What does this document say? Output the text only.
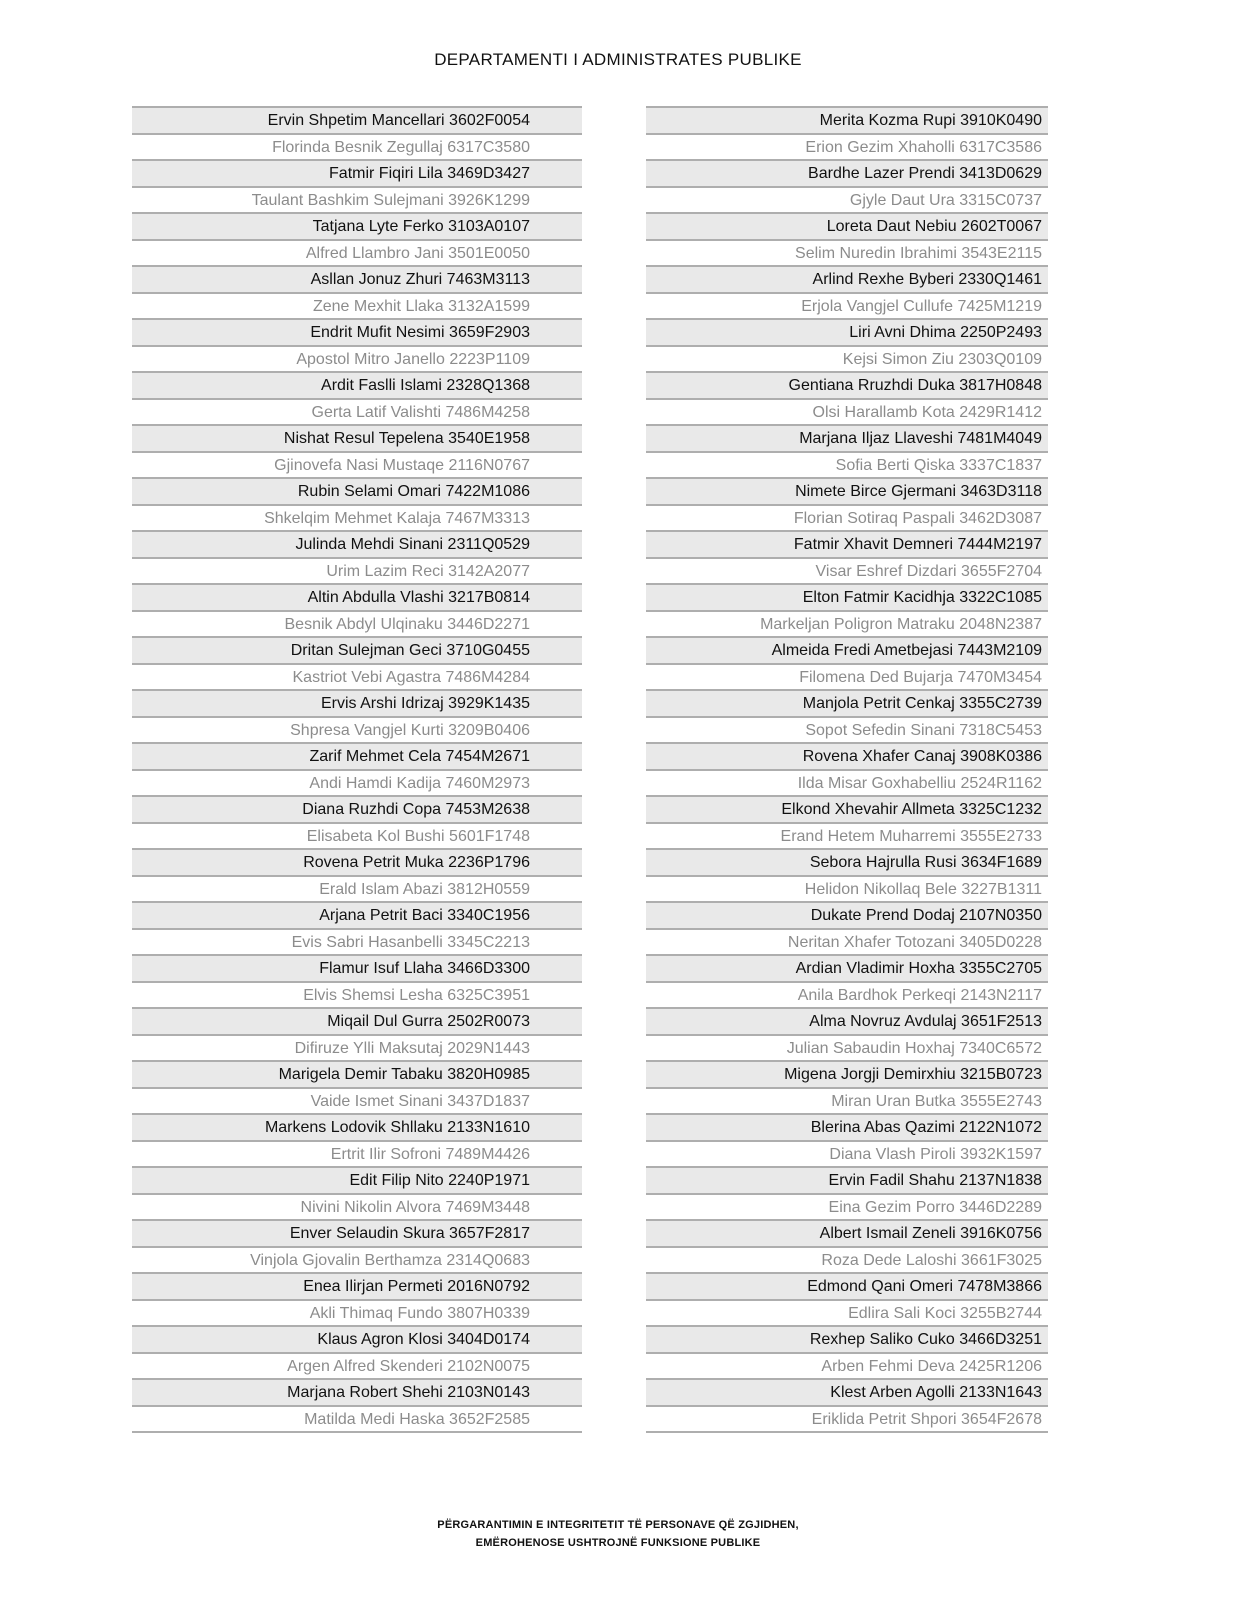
DEPARTAMENTI I ADMINISTRATES PUBLIKE
Ervin Shpetim Mancellari 3602F0054
Florinda Besnik Zegullaj 6317C3580
Fatmir Fiqiri Lila 3469D3427
Taulant Bashkim Sulejmani 3926K1299
Tatjana Lyte Ferko 3103A0107
Alfred Llambro Jani 3501E0050
Asllan Jonuz Zhuri 7463M3113
Zene Mexhit Llaka 3132A1599
Endrit Mufit Nesimi 3659F2903
Apostol Mitro Janello 2223P1109
Ardit Faslli Islami 2328Q1368
Gerta Latif Valishti 7486M4258
Nishat Resul Tepelena 3540E1958
Gjinovefa Nasi Mustaqe 2116N0767
Rubin Selami Omari 7422M1086
Shkelqim Mehmet Kalaja 7467M3313
Julinda Mehdi Sinani 2311Q0529
Urim Lazim Reci 3142A2077
Altin Abdulla Vlashi 3217B0814
Besnik Abdyl Ulqinaku 3446D2271
Dritan Sulejman Geci 3710G0455
Kastriot Vebi Agastra 7486M4284
Ervis Arshi Idrizaj 3929K1435
Shpresa Vangjel Kurti 3209B0406
Zarif Mehmet Cela 7454M2671
Andi Hamdi Kadija 7460M2973
Diana Ruzhdi Copa 7453M2638
Elisabeta Kol Bushi 5601F1748
Rovena Petrit Muka 2236P1796
Erald Islam Abazi 3812H0559
Arjana Petrit Baci 3340C1956
Evis Sabri Hasanbelli 3345C2213
Flamur Isuf Llaha 3466D3300
Elvis Shemsi Lesha 6325C3951
Miqail Dul Gurra 2502R0073
Difiruze Ylli Maksutaj 2029N1443
Marigela Demir Tabaku 3820H0985
Vaide Ismet Sinani 3437D1837
Markens Lodovik Shllaku 2133N1610
Ertrit Ilir Sofroni 7489M4426
Edit Filip Nito 2240P1971
Nivini Nikolin Alvora 7469M3448
Enver Selaudin Skura 3657F2817
Vinjola Gjovalin Berthamza 2314Q0683
Enea Ilirjan Permeti 2016N0792
Akli Thimaq Fundo 3807H0339
Klaus Agron Klosi 3404D0174
Argen Alfred Skenderi 2102N0075
Marjana Robert Shehi 2103N0143
Matilda Medi Haska 3652F2585
Merita Kozma Rupi 3910K0490
Erion Gezim Xhaholli 6317C3586
Bardhe Lazer Prendi 3413D0629
Gjyle Daut Ura 3315C0737
Loreta Daut Nebiu 2602T0067
Selim Nuredin Ibrahimi 3543E2115
Arlind Rexhe Byberi 2330Q1461
Erjola Vangjel Cullufe 7425M1219
Liri Avni Dhima 2250P2493
Kejsi Simon Ziu 2303Q0109
Gentiana Rruzhdi Duka 3817H0848
Olsi Harallamb Kota 2429R1412
Marjana Iljaz Llaveshi 7481M4049
Sofia Berti Qiska 3337C1837
Nimete Birce Gjermani 3463D3118
Florian Sotiraq Paspali 3462D3087
Fatmir Xhavit Demneri 7444M2197
Visar Eshref Dizdari 3655F2704
Elton Fatmir Kacidhja 3322C1085
Markeljan Poligron Matraku 2048N2387
Almeida Fredi Ametbejasi 7443M2109
Filomena Ded Bujarja 7470M3454
Manjola Petrit Cenkaj 3355C2739
Sopot Sefedin Sinani 7318C5453
Rovena Xhafer Canaj 3908K0386
Ilda Misar Goxhabelliu 2524R1162
Elkond Xhevahir Allmeta 3325C1232
Erand Hetem Muharremi 3555E2733
Sebora Hajrulla Rusi 3634F1689
Helidon Nikollaq Bele 3227B1311
Dukate Prend Dodaj 2107N0350
Neritan Xhafer Totozani 3405D0228
Ardian Vladimir Hoxha 3355C2705
Anila Bardhok Perkeqi 2143N2117
Alma Novruz Avdulaj 3651F2513
Julian Sabaudin Hoxhaj 7340C6572
Migena Jorgji Demirxhiu 3215B0723
Miran Uran Butka 3555E2743
Blerina Abas Qazimi 2122N1072
Diana Vlash Piroli 3932K1597
Ervin Fadil Shahu 2137N1838
Eina Gezim Porro 3446D2289
Albert Ismail Zeneli 3916K0756
Roza Dede Laloshi 3661F3025
Edmond Qani Omeri 7478M3866
Edlira Sali Koci 3255B2744
Rexhep Saliko Cuko 3466D3251
Arben Fehmi Deva 2425R1206
Klest Arben Agolli 2133N1643
Eriklida Petrit Shpori 3654F2678
PËRGARANTIMIN E INTEGRITETIT TË PERSONAVE QË ZGJIDHEN,
EMËROHENOSE USHTROJNË FUNKSIONE PUBLIKE
